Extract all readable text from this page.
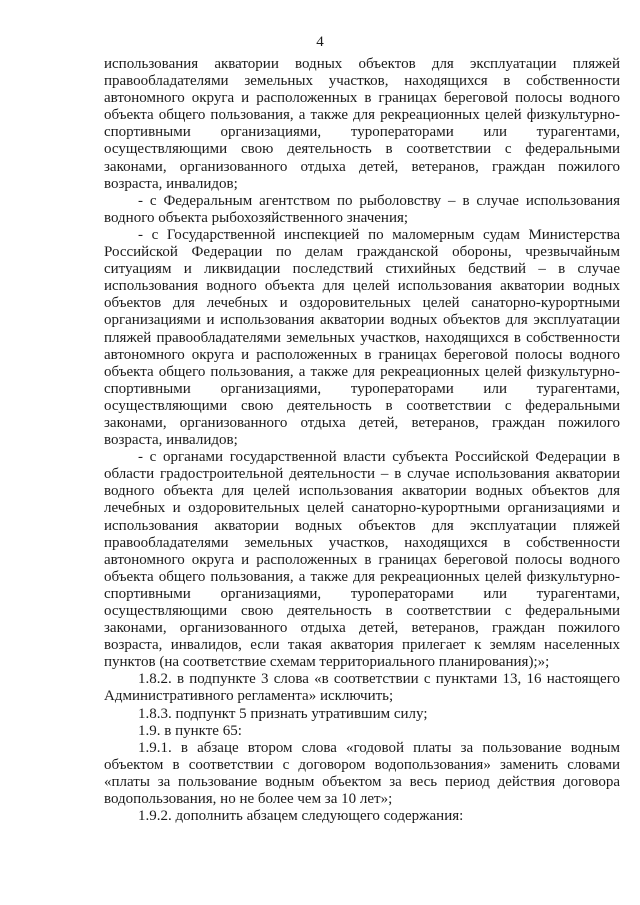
4

использования акватории водных объектов для эксплуатации пляжей правообладателями земельных участков, находящихся в собственности автономного округа и расположенных в границах береговой полосы водного объекта общего пользования, а также для рекреационных целей физкультурно-спортивными организациями, туроператорами или турагентами, осуществляющими свою деятельность в соответствии с федеральными законами, организованного отдыха детей, ветеранов, граждан пожилого возраста, инвалидов;

- с Федеральным агентством по рыболовству – в случае использования водного объекта рыбохозяйственного значения;

- с Государственной инспекцией по маломерным судам Министерства Российской Федерации по делам гражданской обороны, чрезвычайным ситуациям и ликвидации последствий стихийных бедствий – в случае использования водного объекта для целей использования акватории водных объектов для лечебных и оздоровительных целей санаторно-курортными организациями и использования акватории водных объектов для эксплуатации пляжей правообладателями земельных участков, находящихся в собственности автономного округа и расположенных в границах береговой полосы водного объекта общего пользования, а также для рекреационных целей физкультурно-спортивными организациями, туроператорами или турагентами, осуществляющими свою деятельность в соответствии с федеральными законами, организованного отдыха детей, ветеранов, граждан пожилого возраста, инвалидов;

- с органами государственной власти субъекта Российской Федерации в области градостроительной деятельности – в случае использования акватории водного объекта для целей использования акватории водных объектов для лечебных и оздоровительных целей санаторно-курортными организациями и использования акватории водных объектов для эксплуатации пляжей правообладателями земельных участков, находящихся в собственности автономного округа и расположенных в границах береговой полосы водного объекта общего пользования, а также для рекреационных целей физкультурно-спортивными организациями, туроператорами или турагентами, осуществляющими свою деятельность в соответствии с федеральными законами, организованного отдыха детей, ветеранов, граждан пожилого возраста, инвалидов, если такая акватория прилегает к землям населенных пунктов (на соответствие схемам территориального планирования);»;

1.8.2. в подпункте 3 слова «в соответствии с пунктами 13, 16 настоящего Административного регламента» исключить;

1.8.3. подпункт 5 признать утратившим силу;

1.9. в пункте 65:

1.9.1. в абзаце втором слова «годовой платы за пользование водным объектом в соответствии с договором водопользования» заменить словами «платы за пользование водным объектом за весь период действия договора водопользования, но не более чем за 10 лет»;

1.9.2. дополнить абзацем следующего содержания:
